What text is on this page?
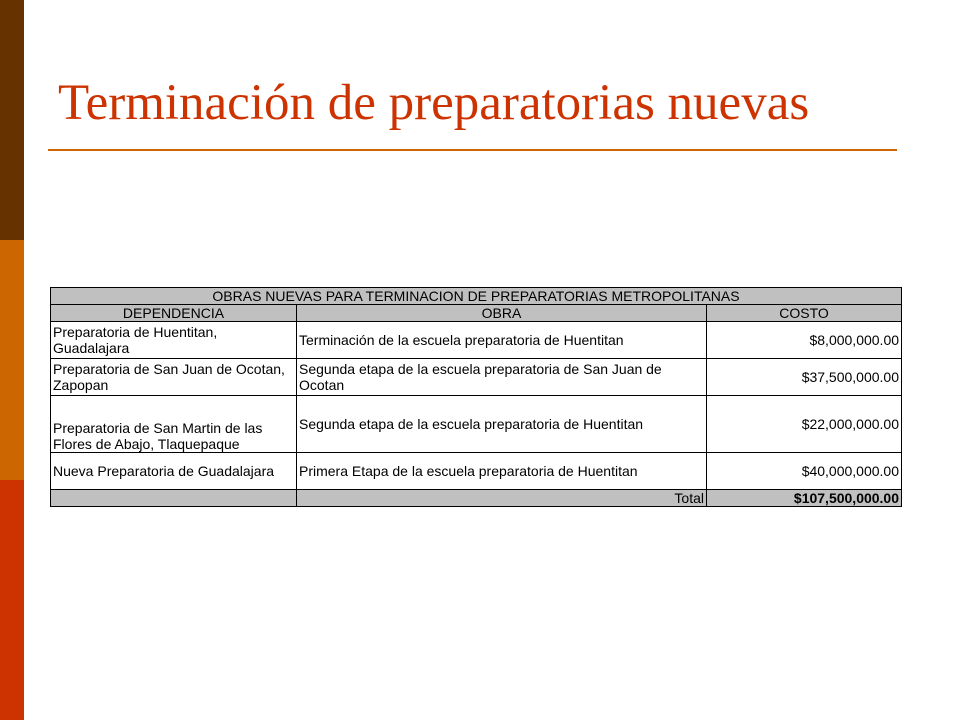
Terminación de preparatorias nuevas
OBRAS NUEVAS PARA TERMINACION DE PREPARATORIAS METROPOLITANAS		
DEPENDENCIA	OBRA	COSTO
Preparatoria de Huentitan, Guadalajara	Terminación de la escuela preparatoria de Huentitan	$8,000,000.00
Preparatoria de San Juan de Ocotan, Zapopan	Segunda etapa de la escuela preparatoria de San Juan de Ocotan	$37,500,000.00
Preparatoria de San Martin de las Flores de Abajo, Tlaquepaque	Segunda etapa de la escuela preparatoria de Huentitan	$22,000,000.00
Nueva Preparatoria de Guadalajara	Primera Etapa de la escuela preparatoria de Huentitan	$40,000,000.00
	Total	$107,500,000.00
